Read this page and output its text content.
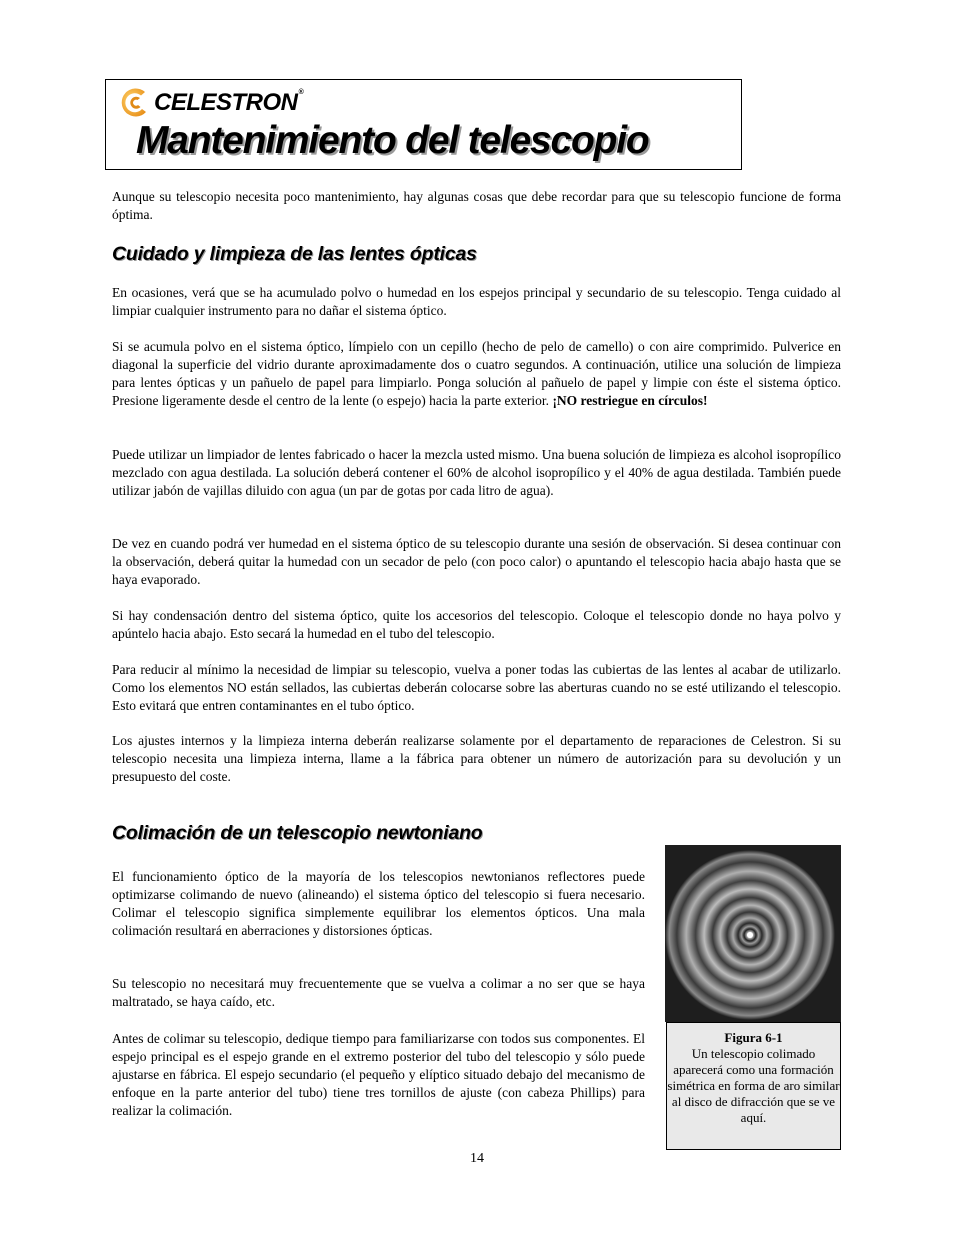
CELESTRON®
Mantenimiento del telescopio

Aunque su telescopio necesita poco mantenimiento, hay algunas cosas que debe recordar para que su telescopio funcione de forma óptima.

Cuidado y limpieza de las lentes ópticas

En ocasiones, verá que se ha acumulado polvo o humedad en los espejos principal y secundario de su telescopio. Tenga cuidado al limpiar cualquier instrumento para no dañar el sistema óptico.

Si se acumula polvo en el sistema óptico, límpielo con un cepillo (hecho de pelo de camello) o con aire comprimido. Pulverice en diagonal la superficie del vidrio durante aproximadamente dos o cuatro segundos. A continuación, utilice una solución de limpieza para lentes ópticas y un pañuelo de papel para limpiarlo. Ponga solución al pañuelo de papel y limpie con éste el sistema óptico. Presione ligeramente desde el centro de la lente (o espejo) hacia la parte exterior. ¡NO restriegue en círculos!

Puede utilizar un limpiador de lentes fabricado o hacer la mezcla usted mismo. Una buena solución de limpieza es alcohol isopropílico mezclado con agua destilada. La solución deberá contener el 60% de alcohol isopropílico y el 40% de agua destilada. También puede utilizar jabón de vajillas diluido con agua (un par de gotas por cada litro de agua).

De vez en cuando podrá ver humedad en el sistema óptico de su telescopio durante una sesión de observación. Si desea continuar con la observación, deberá quitar la humedad con un secador de pelo (con poco calor) o apuntando el telescopio hacia abajo hasta que se haya evaporado.

Si hay condensación dentro del sistema óptico, quite los accesorios del telescopio. Coloque el telescopio donde no haya polvo y apúntelo hacia abajo. Esto secará la humedad en el tubo del telescopio.

Para reducir al mínimo la necesidad de limpiar su telescopio, vuelva a poner todas las cubiertas de las lentes al acabar de utilizarlo. Como los elementos NO están sellados, las cubiertas deberán colocarse sobre las aberturas cuando no se esté utilizando el telescopio. Esto evitará que entren contaminantes en el tubo óptico.

Los ajustes internos y la limpieza interna deberán realizarse solamente por el departamento de reparaciones de Celestron. Si su telescopio necesita una limpieza interna, llame a la fábrica para obtener un número de autorización para su devolución y un presupuesto del coste.

Colimación de un telescopio newtoniano

El funcionamiento óptico de la mayoría de los telescopios newtonianos reflectores puede optimizarse colimando de nuevo (alineando) el sistema óptico del telescopio si fuera necesario. Colimar el telescopio significa simplemente equilibrar los elementos ópticos. Una mala colimación resultará en aberraciones y distorsiones ópticas.

Su telescopio no necesitará muy frecuentemente que se vuelva a colimar a no ser que se haya maltratado, se haya caído, etc.

Antes de colimar su telescopio, dedique tiempo para familiarizarse con todos sus componentes. El espejo principal es el espejo grande en el extremo posterior del tubo del telescopio y sólo puede ajustarse en fábrica. El espejo secundario (el pequeño y elíptico situado debajo del mecanismo de enfoque en la parte anterior del tubo) tiene tres tornillos de ajuste (con cabeza Phillips) para realizar la colimación.

Figura 6-1
Un telescopio colimado aparecerá como una formación simétrica en forma de aro similar al disco de difracción que se ve aquí.
14
